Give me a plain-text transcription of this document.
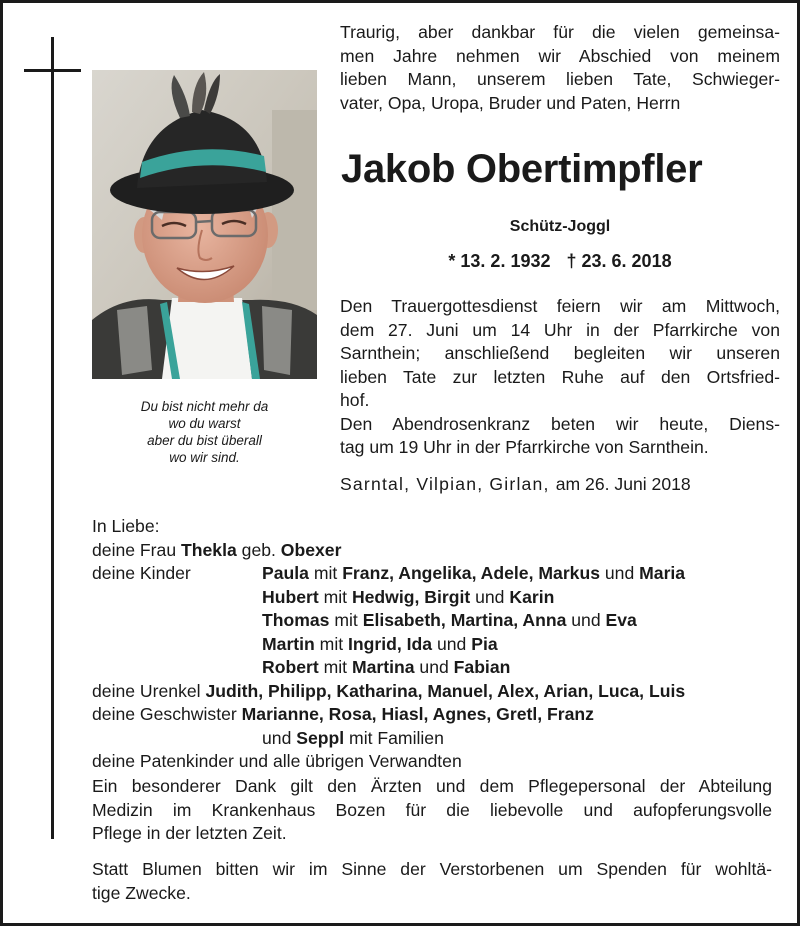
Du bist nicht mehr da
wo du warst
aber du bist überall
wo wir sind.
Traurig, aber dankbar für die vielen gemeinsa-
men Jahre nehmen wir Abschied von meinem
lieben Mann, unserem lieben Tate, Schwieger-
vater, Opa, Uropa, Bruder und Paten, Herrn
Jakob Obertimpfler
Schütz-Joggl
* 13. 2. 1932 † 23. 6. 2018
Den Trauergottesdienst feiern wir am Mittwoch,
dem 27. Juni um 14 Uhr in der Pfarrkirche von
Sarnthein; anschließend begleiten wir unseren
lieben Tate zur letzten Ruhe auf den Ortsfried-
hof.
Den Abendrosenkranz beten wir heute, Diens-
tag um 19 Uhr in der Pfarrkirche von Sarnthein.
Sarntal, Vilpian, Girlan, am 26. Juni 2018
In Liebe:
deine Frau Thekla geb. Obexer
deine Kinder	Paula mit Franz, Angelika, Adele, Markus und Maria
Hubert mit Hedwig, Birgit und Karin
Thomas mit Elisabeth, Martina, Anna und Eva
Martin mit Ingrid, Ida und Pia
Robert mit Martina und Fabian
deine Urenkel Judith, Philipp, Katharina, Manuel, Alex, Arian, Luca, Luis
deine Geschwister Marianne, Rosa, Hiasl, Agnes, Gretl, Franz
und Seppl mit Familien
deine Patenkinder und alle übrigen Verwandten
Ein besonderer Dank gilt den Ärzten und dem Pflegepersonal der Abteilung
Medizin im Krankenhaus Bozen für die liebevolle und aufopferungsvolle
Pflege in der letzten Zeit.
Statt Blumen bitten wir im Sinne der Verstorbenen um Spenden für wohltä-
tige Zwecke.
